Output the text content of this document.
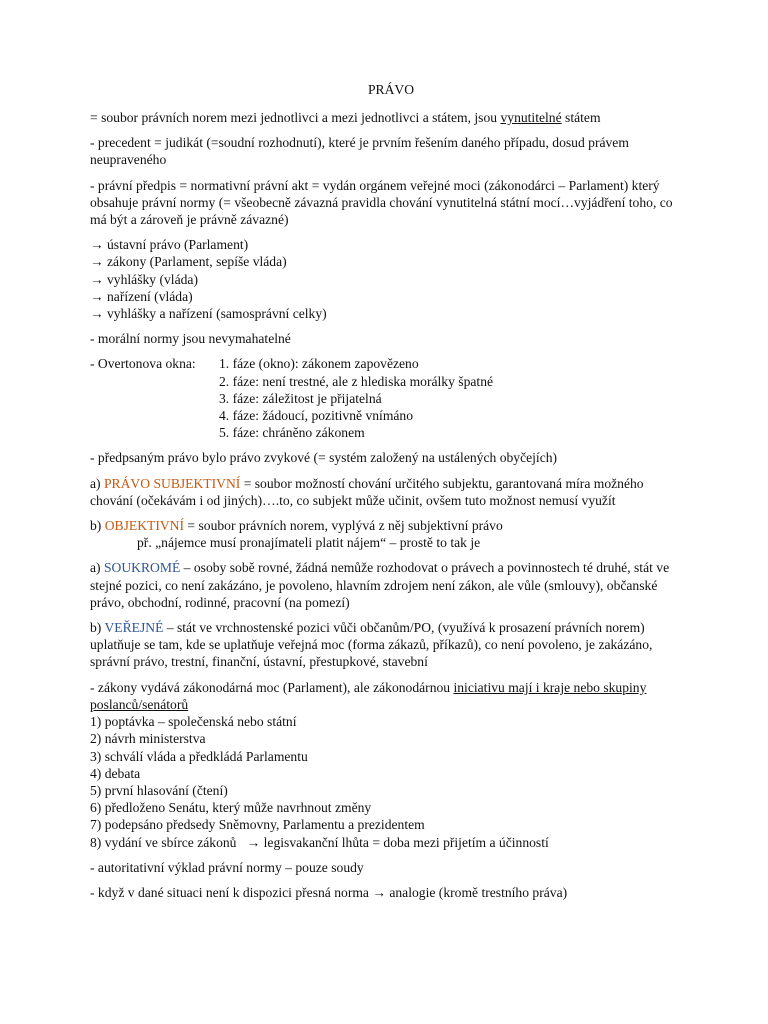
PRÁVO

= soubor právních norem mezi jednotlivci a mezi jednotlivci a státem, jsou vynutitelné státem

- precedent = judikát (=soudní rozhodnutí), které je prvním řešením daného případu, dosud právem neupraveného

- právní předpis = normativní právní akt = vydán orgánem veřejné moci (zákonodárci – Parlament) který obsahuje právní normy (= všeobecně závazná pravidla chování vynutitelná státní mocí…vyjádření toho, co má být a zároveň je právně závazné)

→ ústavní právo (Parlament)
→ zákony (Parlament, sepíše vláda)
→ vyhlášky (vláda)
→ nařízení (vláda)
→ vyhlášky a nařízení (samosprávní celky)

- morální normy jsou nevymahatelné

- Overtonova okna:	1. fáze (okno): zákonem zapovězeno
2. fáze: není trestné, ale z hlediska morálky špatné
3. fáze: záležitost je přijatelná
4. fáze: žádoucí, pozitivně vnímáno
5. fáze: chráněno zákonem

- předpsaným právo bylo právo zvykové (= systém založený na ustálených obyčejích)

a) PRÁVO SUBJEKTIVNÍ = soubor možností chování určitého subjektu, garantovaná míra možného chování (očekávám i od jiných)….to, co subjekt může učinit, ovšem tuto možnost nemusí využít

b) OBJEKTIVNÍ = soubor právních norem, vyplývá z něj subjektivní právo
př. „nájemce musí pronajímateli platit nájem“ – prostě to tak je

a) SOUKROMÉ – osoby sobě rovné, žádná nemůže rozhodovat o právech a povinnostech té druhé, stát ve stejné pozici, co není zakázáno, je povoleno, hlavním zdrojem není zákon, ale vůle (smlouvy), občanské právo, obchodní, rodinné, pracovní (na pomezí)

b) VEŘEJNÉ – stát ve vrchnostenské pozici vůči občanům/PO, (využívá k prosazení právních norem) uplatňuje se tam, kde se uplatňuje veřejná moc (forma zákazů, příkazů), co není povoleno, je zakázáno, správní právo, trestní, finanční, ústavní, přestupkové, stavební

- zákony vydává zákonodárná moc (Parlament), ale zákonodárnou iniciativu mají i kraje nebo skupiny poslanců/senátorů
1) poptávka – společenská nebo státní
2) návrh ministerstva
3) schválí vláda a předkládá Parlamentu
4) debata
5) první hlasování (čtení)
6) předloženo Senátu, který může navrhnout změny
7) podepsáno předsedy Sněmovny, Parlamentu a prezidentem
8) vydání ve sbírce zákonů   → legisvakanční lhůta = doba mezi přijetím a účinností

- autoritativní výklad právní normy – pouze soudy

- když v dané situaci není k dispozici přesná norma → analogie (kromě trestního práva)
